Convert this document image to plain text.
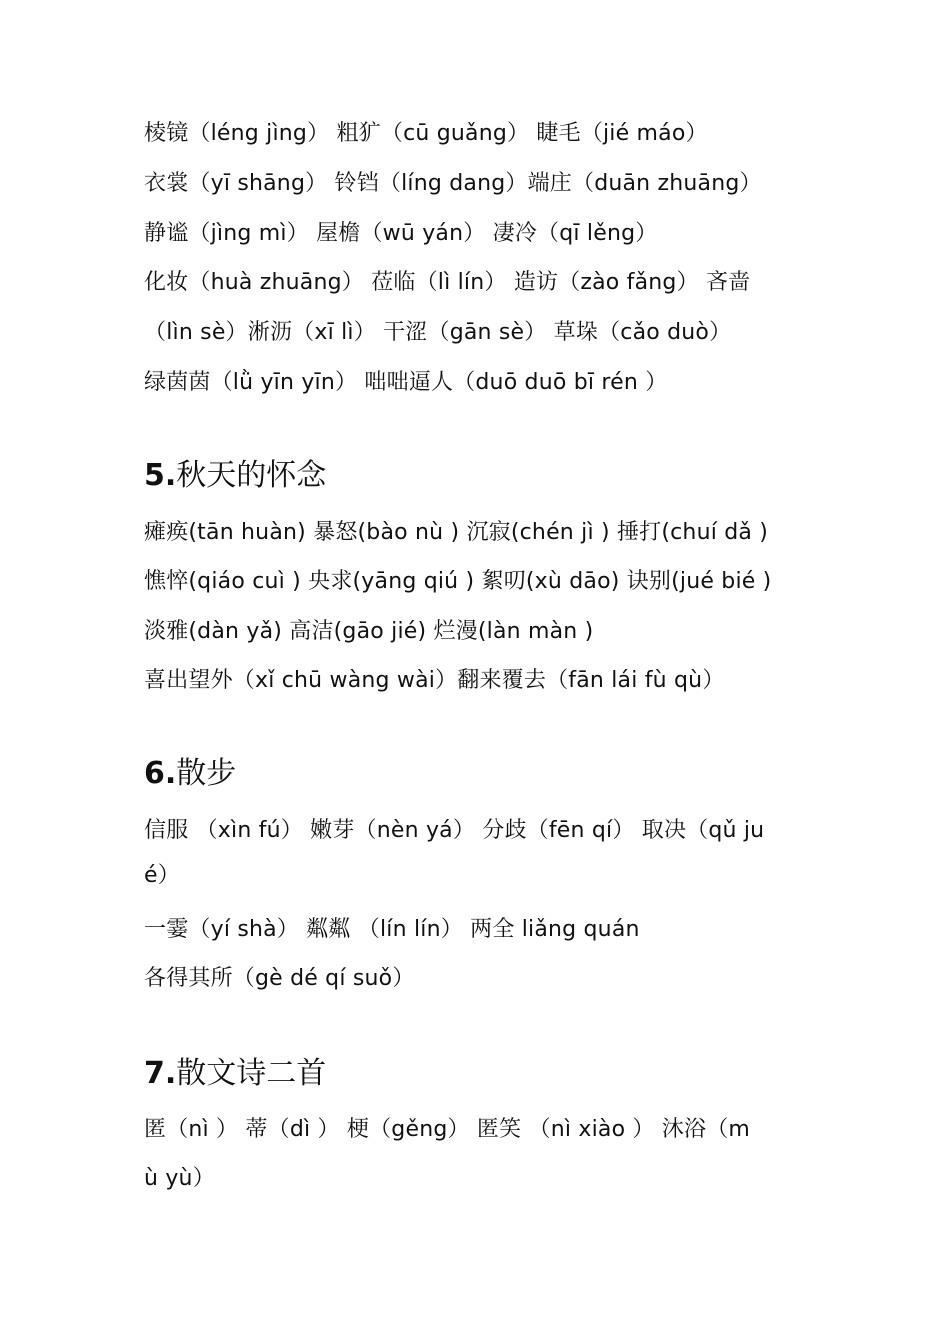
棱镜（léng jìng） 粗犷（cū guǎng） 睫毛（jié máo）
衣裳（yī shāng） 铃铛（líng dang）端庄（duān zhuāng）
静谧（jìng mì） 屋檐（wū yán） 凄冷（qī lěng）
化妆（huà zhuāng） 莅临（lì lín） 造访（zào fǎng） 吝啬
（lìn sè）淅沥（xī lì） 干涩（gān sè） 草垛（cǎo duò）
绿茵茵（lǜ yīn yīn） 咄咄逼人（duō duō bī rén ）
5.秋天的怀念
瘫痪(tān huàn) 暴怒(bào nù ) 沉寂(chén jì ) 捶打(chuí dǎ )
憔悴(qiáo cuì ) 央求(yāng qiú ) 絮叨(xù dāo) 诀别(jué bié )
淡雅(dàn yǎ) 高洁(gāo jié) 烂漫(làn màn )
喜出望外（xǐ chū wàng wài）翻来覆去（fān lái fù qù）
6.散步
信服 （xìn fú） 嫩芽（nèn yá） 分歧（fēn qí） 取决（qǔ ju
é）
一霎（yí shà） 粼粼 （lín lín） 两全 liǎng quán
各得其所（gè dé qí suǒ）
7.散文诗二首
匿（nì ） 蒂（dì ） 梗（gěng） 匿笑 （nì xiào ） 沐浴（m
ù yù）
